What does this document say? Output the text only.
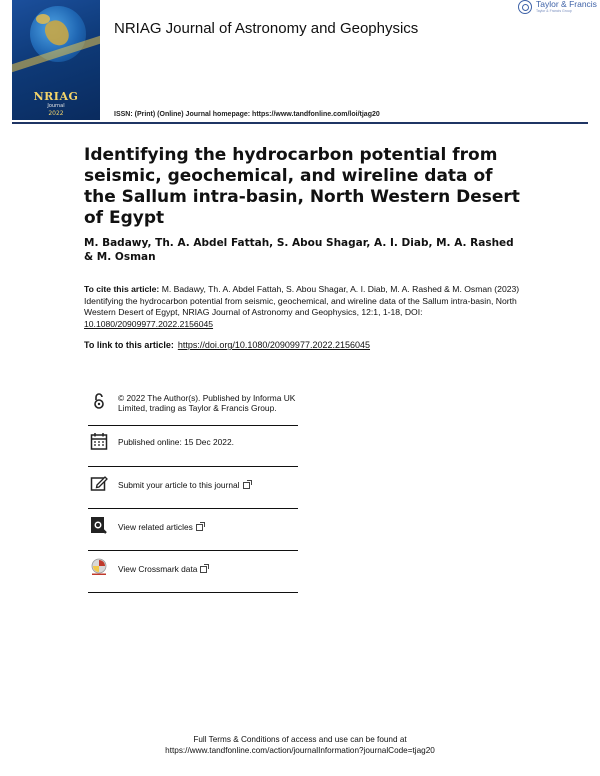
NRIAG
Journal
2022
Taylor & Francis
Taylor & Francis Group
NRIAG Journal of Astronomy and Geophysics
ISSN: (Print) (Online) Journal homepage: https://www.tandfonline.com/loi/tjag20
Identifying the hydrocarbon potential from seismic, geochemical, and wireline data of the Sallum intra-basin, North Western Desert of Egypt
M. Badawy, Th. A. Abdel Fattah, S. Abou Shagar, A. I. Diab, M. A. Rashed & M. Osman
To cite this article: M. Badawy, Th. A. Abdel Fattah, S. Abou Shagar, A. I. Diab, M. A. Rashed & M. Osman (2023) Identifying the hydrocarbon potential from seismic, geochemical, and wireline data of the Sallum intra-basin, North Western Desert of Egypt, NRIAG Journal of Astronomy and Geophysics, 12:1, 1-18, DOI: 10.1080/20909977.2022.2156045
To link to this article: https://doi.org/10.1080/20909977.2022.2156045
© 2022 The Author(s). Published by Informa UK Limited, trading as Taylor & Francis Group.
Published online: 15 Dec 2022.
Submit your article to this journal
View related articles
View Crossmark data
Full Terms & Conditions of access and use can be found at
https://www.tandfonline.com/action/journalInformation?journalCode=tjag20
